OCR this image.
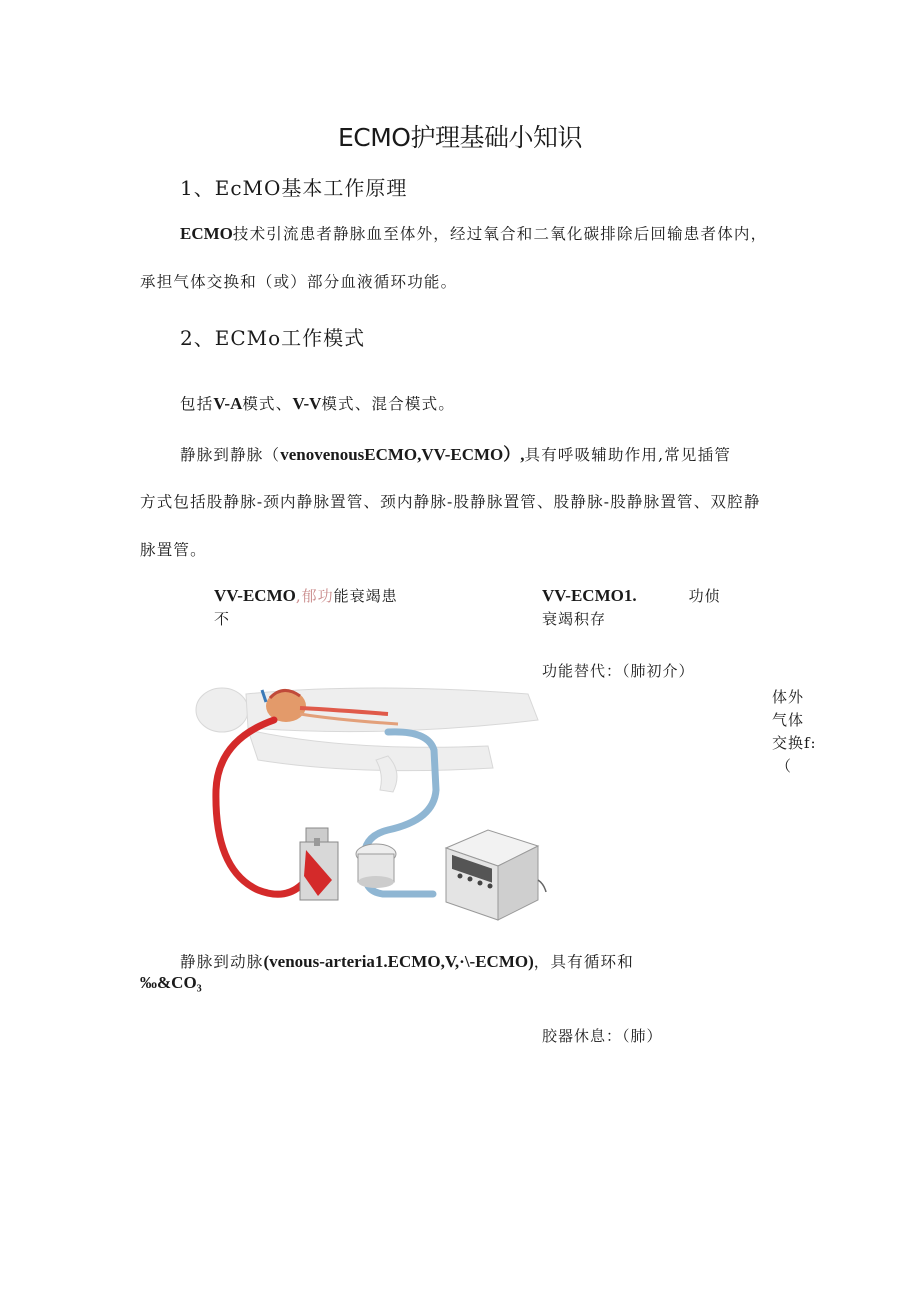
ECMO护理基础小知识
1、EcMO基本工作原理
ECMO技术引流患者静脉血至体外，经过氧合和二氧化碳排除后回输患者体内，
承担气体交换和（或）部分血液循环功能。
2、ECMo工作模式
包括V-A模式、V-V模式、混合模式。
静脉到静脉（venovenousECMO,VV-ECMO）,具有呼吸辅助作用,常见插管
方式包括股静脉-颈内静脉置管、颈内静脉-股静脉置管、股静脉-股静脉置管、双腔静
脉置管。
VV-ECMO,郁功能衰竭患
不
VV-ECMO1.	功侦
衰竭积存
功能替代：（肺初介）
体外
气体
交换f:
（
静脉到动脉(venous-arteria1.ECMO,V,·\-ECMO)，具有循环和
‰&CO₃
胶器休息：（肺）
